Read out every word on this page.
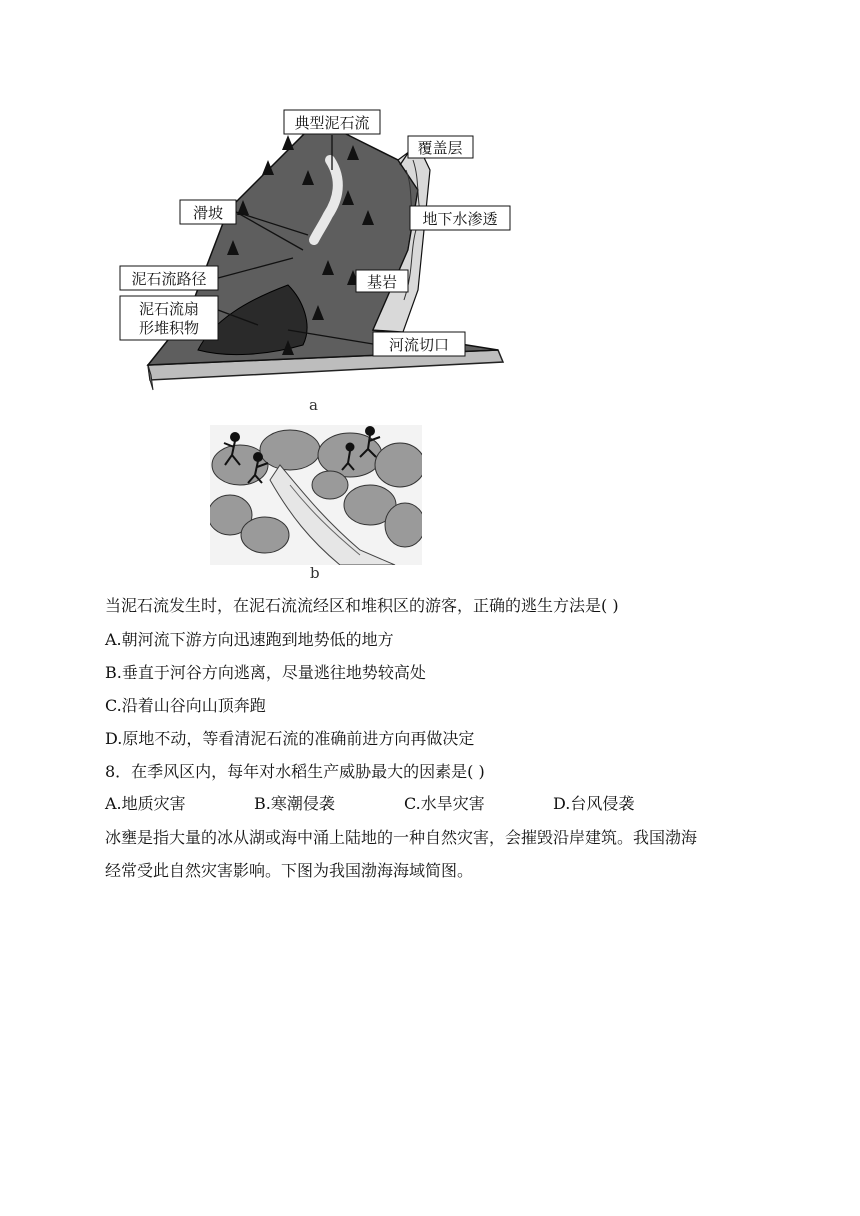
典型泥石流
覆盖层
滑坡	地下水渗透
泥石流路径	基岩
泥石流扇
形堆积物
河流切口
a
b
当泥石流发生时，在泥石流流经区和堆积区的游客，正确的逃生方法是( )
A.朝河流下游方向迅速跑到地势低的地方
B.垂直于河谷方向逃离，尽量逃往地势较高处
C.沿着山谷向山顶奔跑
D.原地不动，等看清泥石流的准确前进方向再做决定
8．在季风区内，每年对水稻生产威胁最大的因素是( )
A.地质灾害	B.寒潮侵袭	C.水旱灾害	D.台风侵袭
冰壅是指大量的冰从湖或海中涌上陆地的一种自然灾害，会摧毁沿岸建筑。我国渤海
经常受此自然灾害影响。下图为我国渤海海域简图。
